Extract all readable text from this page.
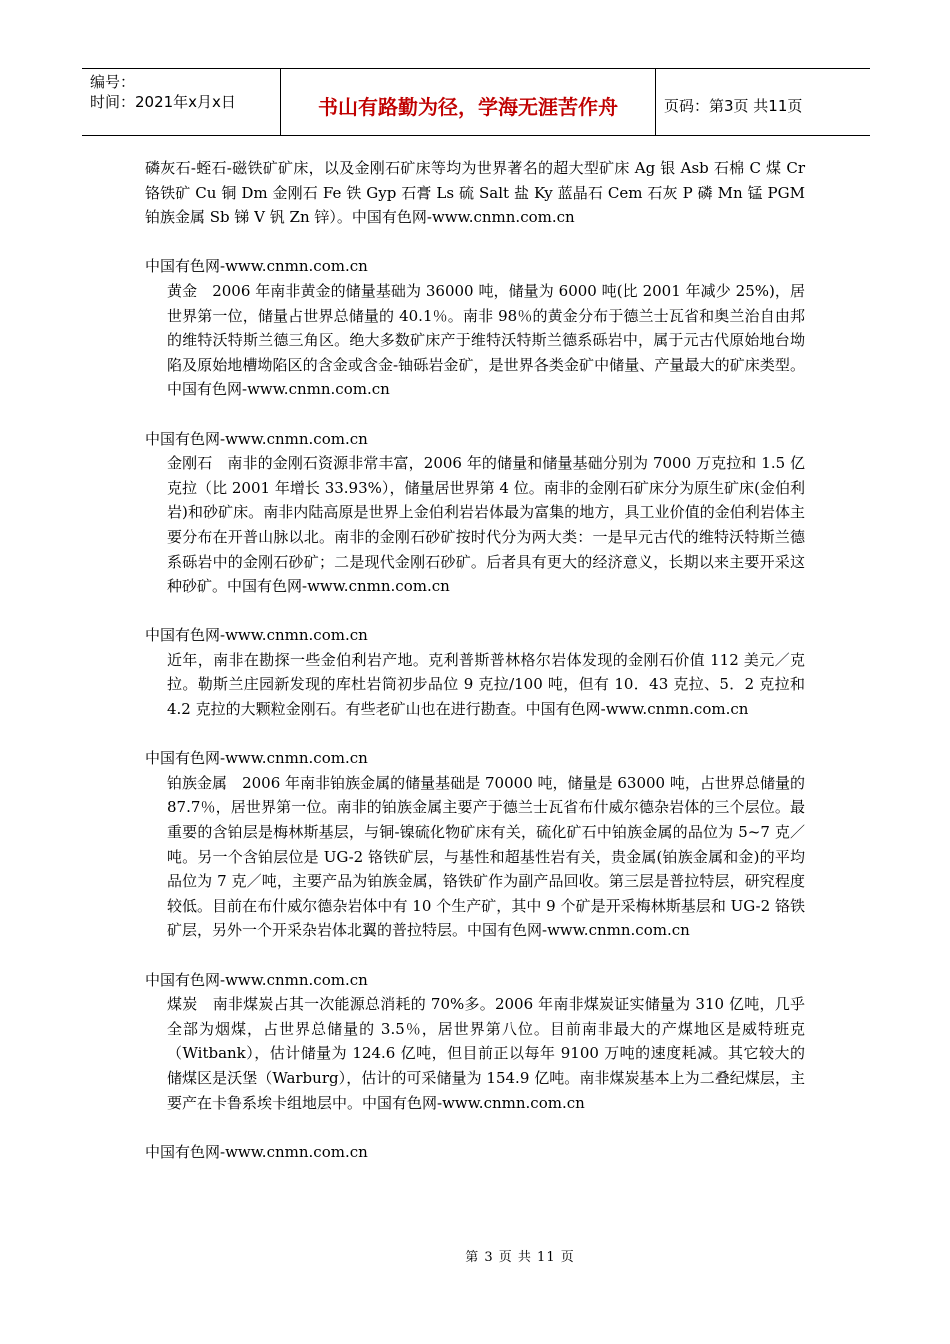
编号：
时间：2021年x月x日	书山有路勤为径，学海无涯苦作舟	页码：第3页 共11页

磷灰石-蛭石-磁铁矿矿床，以及金刚石矿床等均为世界著名的超大型矿床 Ag 银 Asb 石棉 C 煤 Cr 铬铁矿 Cu 铜 Dm 金刚石 Fe 铁 Gyp 石膏 Ls 硫 Salt 盐 Ky 蓝晶石 Cem 石灰 P 磷 Mn 锰 PGM 铂族金属 Sb 锑 V 钒 Zn 锌）。中国有色网-www.cnmn.com.cn

中国有色网-www.cnmn.com.cn

黄金　2006 年南非黄金的储量基础为 36000 吨，储量为 6000 吨(比 2001 年减少 25%)，居世界第一位，储量占世界总储量的 40.1％。南非 98％的黄金分布于德兰士瓦省和奥兰治自由邦的维特沃特斯兰德三角区。绝大多数矿床产于维特沃特斯兰德系砾岩中，属于元古代原始地台坳陷及原始地槽坳陷区的含金或含金-铀砾岩金矿，是世界各类金矿中储量、产量最大的矿床类型。中国有色网-www.cnmn.com.cn

中国有色网-www.cnmn.com.cn

金刚石　南非的金刚石资源非常丰富，2006 年的储量和储量基础分别为 7000 万克拉和 1.5 亿克拉（比 2001 年增长 33.93%），储量居世界第 4 位。南非的金刚石矿床分为原生矿床(金伯利岩)和砂矿床。南非内陆高原是世界上金伯利岩岩体最为富集的地方，具工业价值的金伯利岩体主要分布在开普山脉以北。南非的金刚石砂矿按时代分为两大类：一是早元古代的维特沃特斯兰德系砾岩中的金刚石砂矿；二是现代金刚石砂矿。后者具有更大的经济意义，长期以来主要开采这种砂矿。中国有色网-www.cnmn.com.cn

中国有色网-www.cnmn.com.cn

近年，南非在勘探一些金伯利岩产地。克利普斯普林格尔岩体发现的金刚石价值 112 美元／克拉。勒斯兰庄园新发现的库杜岩筒初步品位 9 克拉/100 吨，但有 10．43 克拉、5．2 克拉和 4.2 克拉的大颗粒金刚石。有些老矿山也在进行勘查。中国有色网-www.cnmn.com.cn

中国有色网-www.cnmn.com.cn

铂族金属　2006 年南非铂族金属的储量基础是 70000 吨，储量是 63000 吨，占世界总储量的 87.7％，居世界第一位。南非的铂族金属主要产于德兰士瓦省布什威尔德杂岩体的三个层位。最重要的含铂层是梅林斯基层，与铜-镍硫化物矿床有关，硫化矿石中铂族金属的品位为 5~7 克／吨。另一个含铂层位是 UG-2 铬铁矿层，与基性和超基性岩有关，贵金属(铂族金属和金)的平均品位为 7 克／吨，主要产品为铂族金属，铬铁矿作为副产品回收。第三层是普拉特层，研究程度较低。目前在布什威尔德杂岩体中有 10 个生产矿，其中 9 个矿是开采梅林斯基层和 UG-2 铬铁矿层，另外一个开采杂岩体北翼的普拉特层。中国有色网-www.cnmn.com.cn

中国有色网-www.cnmn.com.cn

煤炭　南非煤炭占其一次能源总消耗的 70%多。2006 年南非煤炭证实储量为 310 亿吨，几乎全部为烟煤，占世界总储量的 3.5％，居世界第八位。目前南非最大的产煤地区是威特班克（Witbank），估计储量为 124.6 亿吨，但目前正以每年 9100 万吨的速度耗减。其它较大的　　储煤区是沃堡（Warburg），估计的可采储量为 154.9 亿吨。南非煤炭基本上为二叠纪煤层，主要产在卡鲁系埃卡组地层中。中国有色网-www.cnmn.com.cn

中国有色网-www.cnmn.com.cn

第 3 页 共 11 页
